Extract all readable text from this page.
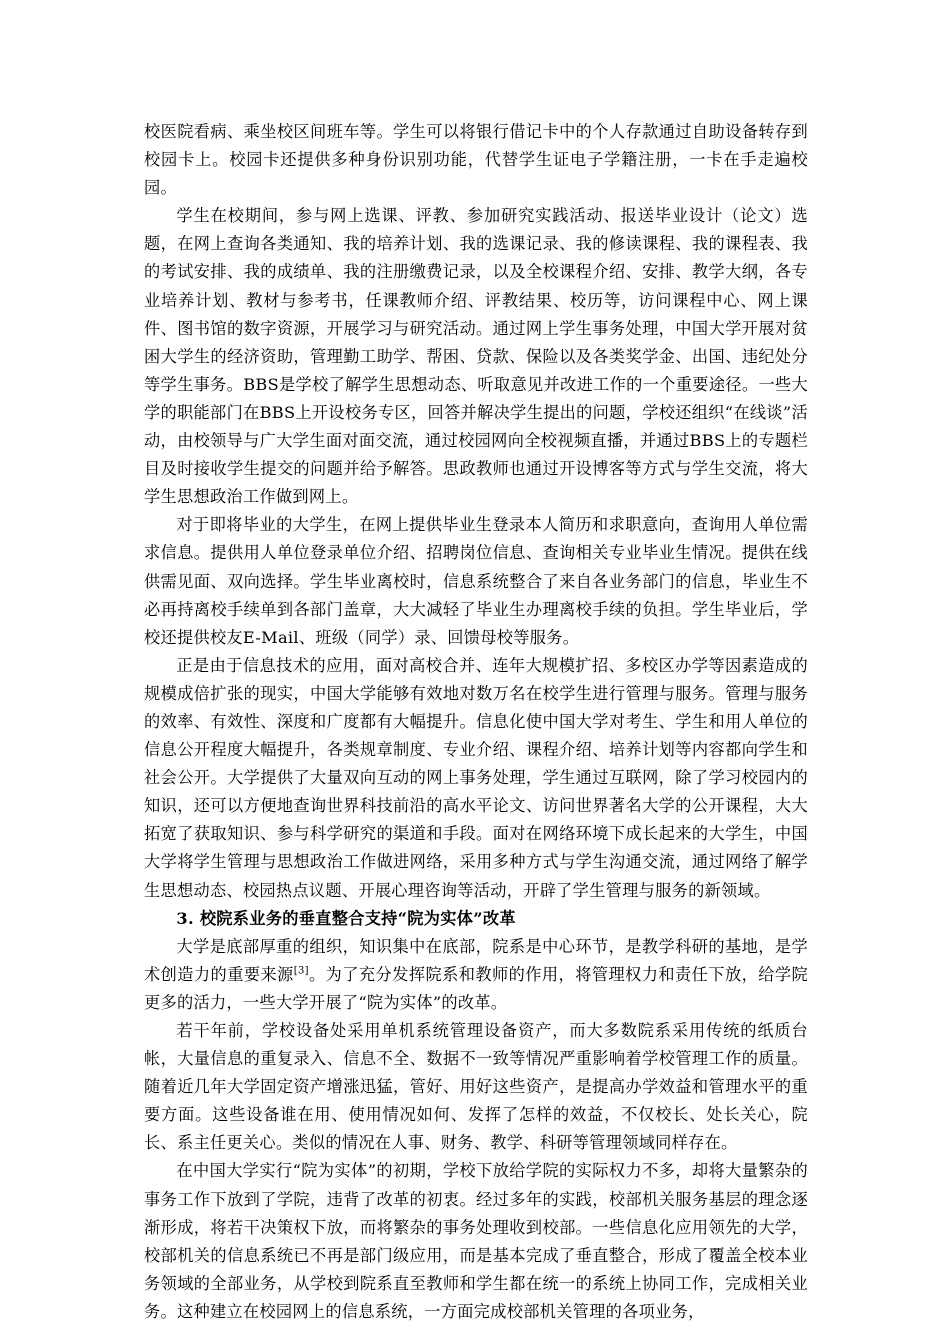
校医院看病、乘坐校区间班车等。学生可以将银行借记卡中的个人存款通过自助设备转存到校园卡上。校园卡还提供多种身份识别功能，代替学生证电子学籍注册，一卡在手走遍校园。

学生在校期间，参与网上选课、评教、参加研究实践活动、报送毕业设计（论文）选题，在网上查询各类通知、我的培养计划、我的选课记录、我的修读课程、我的课程表、我的考试安排、我的成绩单、我的注册缴费记录，以及全校课程介绍、安排、教学大纲，各专业培养计划、教材与参考书，任课教师介绍、评教结果、校历等，访问课程中心、网上课件、图书馆的数字资源，开展学习与研究活动。通过网上学生事务处理，中国大学开展对贫困大学生的经济资助，管理勤工助学、帮困、贷款、保险以及各类奖学金、出国、违纪处分等学生事务。BBS是学校了解学生思想动态、听取意见并改进工作的一个重要途径。一些大学的职能部门在BBS上开设校务专区，回答并解决学生提出的问题，学校还组织“在线谈”活动，由校领导与广大学生面对面交流，通过校园网向全校视频直播，并通过BBS上的专题栏目及时接收学生提交的问题并给予解答。思政教师也通过开设博客等方式与学生交流，将大学生思想政治工作做到网上。

对于即将毕业的大学生，在网上提供毕业生登录本人简历和求职意向，查询用人单位需求信息。提供用人单位登录单位介绍、招聘岗位信息、查询相关专业毕业生情况。提供在线供需见面、双向选择。学生毕业离校时，信息系统整合了来自各业务部门的信息，毕业生不必再持离校手续单到各部门盖章，大大减轻了毕业生办理离校手续的负担。学生毕业后，学校还提供校友E-Mail、班级（同学）录、回馈母校等服务。

正是由于信息技术的应用，面对高校合并、连年大规模扩招、多校区办学等因素造成的规模成倍扩张的现实，中国大学能够有效地对数万名在校学生进行管理与服务。管理与服务的效率、有效性、深度和广度都有大幅提升。信息化使中国大学对考生、学生和用人单位的信息公开程度大幅提升，各类规章制度、专业介绍、课程介绍、培养计划等内容都向学生和社会公开。大学提供了大量双向互动的网上事务处理，学生通过互联网，除了学习校园内的知识，还可以方便地查询世界科技前沿的高水平论文、访问世界著名大学的公开课程，大大拓宽了获取知识、参与科学研究的渠道和手段。面对在网络环境下成长起来的大学生，中国大学将学生管理与思想政治工作做进网络，采用多种方式与学生沟通交流，通过网络了解学生思想动态、校园热点议题、开展心理咨询等活动，开辟了学生管理与服务的新领域。

3. 校院系业务的垂直整合支持“院为实体”改革

大学是底部厚重的组织，知识集中在底部，院系是中心环节，是教学科研的基地，是学术创造力的重要来源[3]。为了充分发挥院系和教师的作用，将管理权力和责任下放，给学院更多的活力，一些大学开展了“院为实体”的改革。

若干年前，学校设备处采用单机系统管理设备资产，而大多数院系采用传统的纸质台帐，大量信息的重复录入、信息不全、数据不一致等情况严重影响着学校管理工作的质量。随着近几年大学固定资产增涨迅猛，管好、用好这些资产，是提高办学效益和管理水平的重要方面。这些设备谁在用、使用情况如何、发挥了怎样的效益，不仅校长、处长关心，院长、系主任更关心。类似的情况在人事、财务、教学、科研等管理领域同样存在。

在中国大学实行“院为实体”的初期，学校下放给学院的实际权力不多，却将大量繁杂的事务工作下放到了学院，违背了改革的初衷。经过多年的实践，校部机关服务基层的理念逐渐形成，将若干决策权下放，而将繁杂的事务处理收到校部。一些信息化应用领先的大学，校部机关的信息系统已不再是部门级应用，而是基本完成了垂直整合，形成了覆盖全校本业务领域的全部业务，从学校到院系直至教师和学生都在统一的系统上协同工作，完成相关业务。这种建立在校园网上的信息系统，一方面完成校部机关管理的各项业务，
